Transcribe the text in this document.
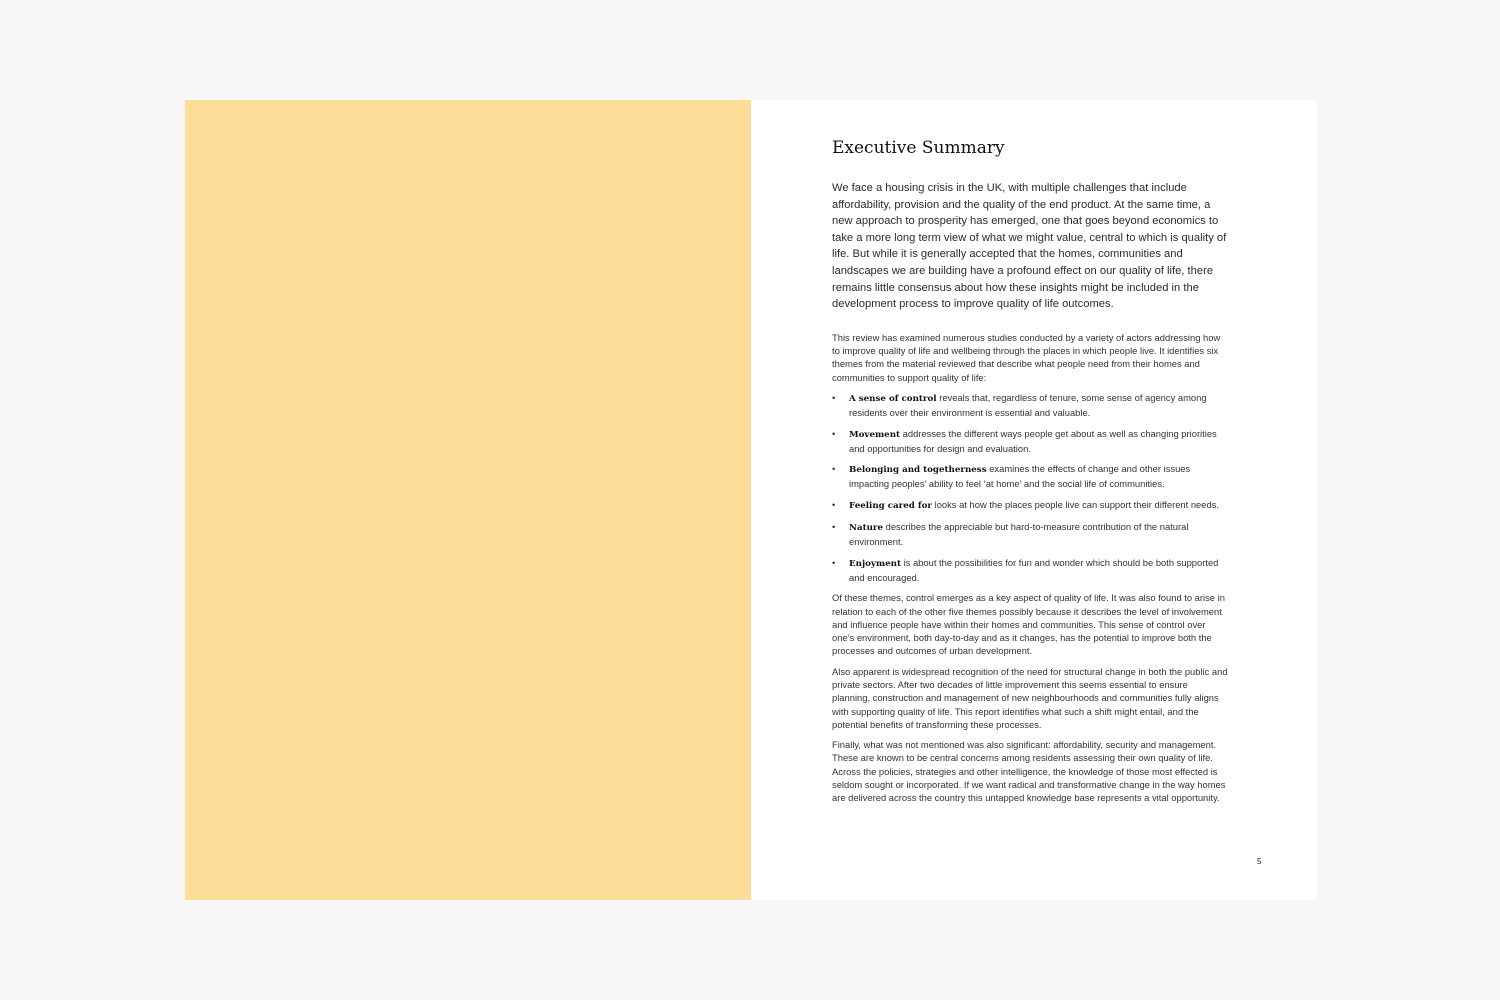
Executive Summary

We face a housing crisis in the UK, with multiple challenges that include affordability, provision and the quality of the end product. At the same time, a new approach to prosperity has emerged, one that goes beyond economics to take a more long term view of what we might value, central to which is quality of life. But while it is generally accepted that the homes, communities and landscapes we are building have a profound effect on our quality of life, there remains little consensus about how these insights might be included in the development process to improve quality of life outcomes.

This review has examined numerous studies conducted by a variety of actors addressing how to improve quality of life and wellbeing through the places in which people live. It identifies six themes from the material reviewed that describe what people need from their homes and communities to support quality of life:

• A sense of control reveals that, regardless of tenure, some sense of agency among residents over their environment is essential and valuable.
• Movement addresses the different ways people get about as well as changing priorities and opportunities for design and evaluation.
• Belonging and togetherness examines the effects of change and other issues impacting peoples’ ability to feel ‘at home’ and the social life of communities.
• Feeling cared for looks at how the places people live can support their different needs.
• Nature describes the appreciable but hard-to-measure contribution of the natural environment.
• Enjoyment is about the possibilities for fun and wonder which should be both supported and encouraged.

Of these themes, control emerges as a key aspect of quality of life. It was also found to arise in relation to each of the other five themes possibly because it describes the level of involvement and influence people have within their homes and communities. This sense of control over one’s environment, both day-to-day and as it changes, has the potential to improve both the processes and outcomes of urban development.

Also apparent is widespread recognition of the need for structural change in both the public and private sectors. After two decades of little improvement this seems essential to ensure planning, construction and management of new neighbourhoods and communities fully aligns with supporting quality of life. This report identifies what such a shift might entail, and the potential benefits of transforming these processes.

Finally, what was not mentioned was also significant: affordability, security and management. These are known to be central concerns among residents assessing their own quality of life. Across the policies, strategies and other intelligence, the knowledge of those most effected is seldom sought or incorporated. If we want radical and transformative change in the way homes are delivered across the country this untapped knowledge base represents a vital opportunity.

5
